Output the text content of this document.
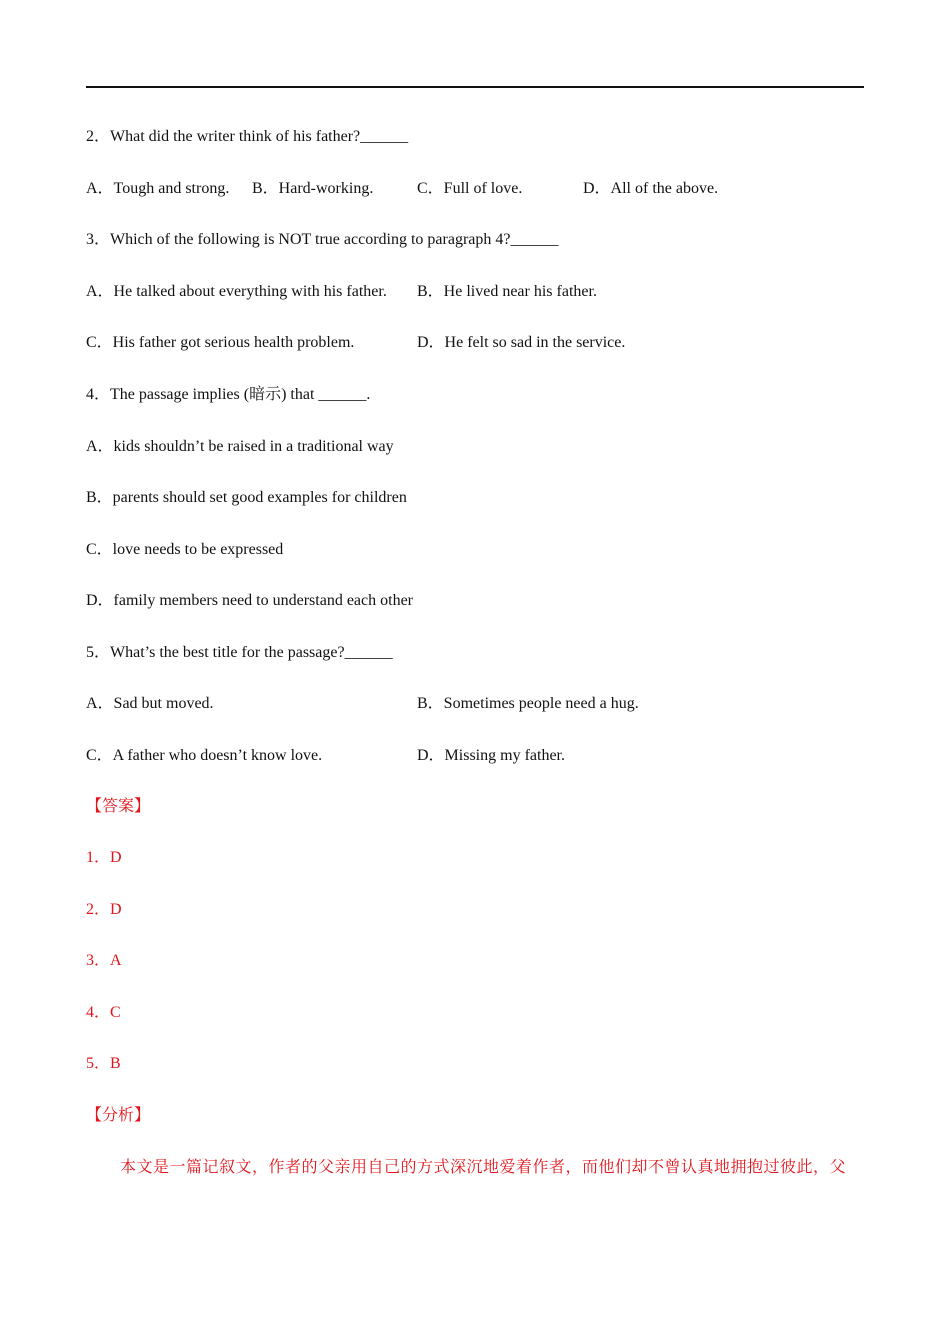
2．What did the writer think of his father?______
A．Tough and strong. B．Hard-working.	C．Full of love.	D．All of the above.
3．Which of the following is NOT true according to paragraph 4?______
A．He talked about everything with his father. B．He lived near his father.
C．His father got serious health problem.	D．He felt so sad in the service.
4．The passage implies (暗示) that ______.
A．kids shouldn’t be raised in a traditional way
B．parents should set good examples for children
C．love needs to be expressed
D．family members need to understand each other
5．What’s the best title for the passage?______
A．Sad but moved.	B．Sometimes people need a hug.
C．A father who doesn’t know love.	D．Missing my father.
【答案】
1．D
2．D
3．A
4．C
5．B
【分析】
本文是一篇记叙文，作者的父亲用自己的方式深沉地爱着作者，而他们却不曾认真地拥抱过彼此，父
